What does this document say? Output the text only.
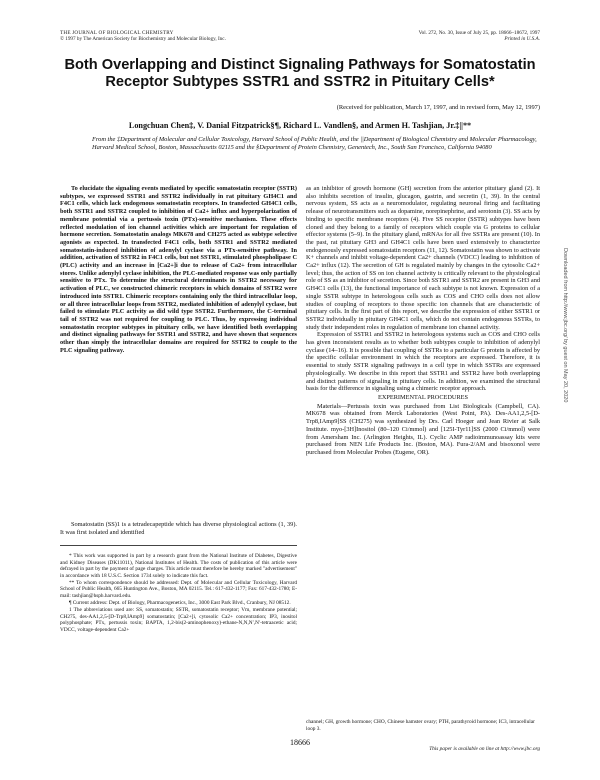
THE JOURNAL OF BIOLOGICAL CHEMISTRY
© 1997 by The American Society for Biochemistry and Molecular Biology, Inc.
Vol. 272, No. 30, Issue of July 25, pp. 18666–18672, 1997
Printed in U.S.A.
Both Overlapping and Distinct Signaling Pathways for Somatostatin Receptor Subtypes SSTR1 and SSTR2 in Pituitary Cells*
(Received for publication, March 17, 1997, and in revised form, May 12, 1997)
Longchuan Chen‡, V. Danial Fitzpatrick§¶, Richard L. Vandlen§, and Armen H. Tashjian, Jr.‡||**
From the ‡Department of Molecular and Cellular Toxicology, Harvard School of Public Health, and the ||Department of Biological Chemistry and Molecular Pharmacology, Harvard Medical School, Boston, Massachusetts 02115 and the §Department of Protein Chemistry, Genentech, Inc., South San Francisco, California 94080

To elucidate the signaling events mediated by specific somatostatin receptor (SSTR) subtypes, we expressed SSTR1 and SSTR2 individually in rat pituitary GH4C1 and F4C1 cells, which lack endogenous somatostatin receptors. In transfected GH4C1 cells, both SSTR1 and SSTR2 coupled to inhibition of Ca2+ influx and hyperpolarization of membrane potential via a pertussis toxin (PTx)-sensitive mechanism. These effects reflected modulation of ion channel activities which are important for regulation of hormone secretion. Somatostatin analogs MK678 and CH275 acted as subtype selective agonists as expected. In transfected F4C1 cells, both SSTR1 and SSTR2 mediated somatostatin-induced inhibition of adenylyl cyclase via a PTx-sensitive pathway. In addition, activation of SSTR2 in F4C1 cells, but not SSTR1, stimulated phospholipase C (PLC) activity and an increase in [Ca2+]i due to release of Ca2+ from intracellular stores. Unlike adenylyl cyclase inhibition, the PLC-mediated response was only partially sensitive to PTx. To determine the structural determinants in SSTR2 necessary for activation of PLC, we constructed chimeric receptors in which domains of SSTR2 were introduced into SSTR1. Chimeric receptors containing only the third intracellular loop, or all three intracellular loops from SSTR2, mediated inhibition of adenylyl cyclase, but failed to stimulate PLC activity as did wild type SSTR2. Furthermore, the C-terminal tail of SSTR2 was not required for coupling to PLC. Thus, by expressing individual somatostatin receptor subtypes in pituitary cells, we have identified both overlapping and distinct signaling pathways for SSTR1 and SSTR2, and have shown that sequences other than simply the intracellular domains are required for SSTR2 to couple to the PLC signaling pathway.

Somatostatin (SS)1 is a tetradecapeptide which has diverse physiological actions (1, 39). It was first isolated and identified

* This work was supported in part by a research grant from the National Institute of Diabetes, Digestive and Kidney Diseases (DK11011), National Institutes of Health. The costs of publication of this article were defrayed in part by the payment of page charges. This article must therefore be hereby marked "advertisement" in accordance with 18 U.S.C. Section 1734 solely to indicate this fact.

** To whom correspondence should be addressed: Dept. of Molecular and Cellular Toxicology, Harvard School of Public Health, 665 Huntington Ave., Boston, MA 02115. Tel.: 617-432-1177; Fax: 617-432-1780; E-mail: tashjian@hsph.harvard.edu.

¶ Current address: Dept. of Biology, Pharmacogenetics, Inc., 3000 East Park Blvd., Cranbury, NJ 08512.

1 The abbreviations used are: SS, somatostatin; SSTR, somatostatin receptor; Vm, membrane potential; CH275, des-AA1,2,5-[D-Trp8,IAmp9] somatostatin; [Ca2+]i, cytosolic Ca2+ concentration; IP3, inositol polyphosphate; PTx, pertussis toxin; BAPTA, 1,2-bis(2-aminophenoxy)-ethane-N,N,N′,N′-tetraacetic acid; VDCC, voltage-dependent Ca2+

as an inhibitor of growth hormone (GH) secretion from the anterior pituitary gland (2). It also inhibits secretion of insulin, glucagon, gastrin, and secretin (1, 39). In the central nervous system, SS acts as a neuromodulator, regulating neuronal firing and facilitating release of neurotransmitters such as dopamine, norepinephrine, and serotonin (3). SS acts by binding to specific membrane receptors (4). Five SS receptor (SSTR) subtypes have been cloned and they belong to a family of receptors which couple via G proteins to cellular effector systems (5–9). In the pituitary gland, mRNAs for all five SSTRs are present (10). In the past, rat pituitary GH3 and GH4C1 cells have been used extensively to characterize endogenously expressed somatostatin receptors (11, 12). Somatostatin was shown to activate K+ channels and inhibit voltage-dependent Ca2+ channels (VDCC) leading to inhibition of Ca2+ influx (12). The secretion of GH is regulated mainly by changes in the cytosolic Ca2+ level; thus, the action of SS on ion channel activity is critically relevant to the physiological role of SS as an inhibitor of secretion. Since both SSTR1 and SSTR2 are present in GH3 and GH4C1 cells (13), the functional importance of each subtype is not known. Expression of a single SSTR subtype in heterologous cells such as COS and CHO cells does not allow studies of coupling of receptors to those specific ion channels that are characteristic of pituitary cells. In the first part of this report, we describe the expression of either SSTR1 or SSTR2 individually in pituitary GH4C1 cells, which do not contain endogenous SSTRs, to study their independent roles in regulation of membrane ion channel activity.

Expression of SSTR1 and SSTR2 in heterologous systems such as COS and CHO cells has given inconsistent results as to whether both subtypes couple to inhibition of adenylyl cyclase (14–16). It is possible that coupling of SSTRs to a particular G protein is affected by the specific cellular environment in which the receptors are expressed. Therefore, it is essential to study SSTR signaling pathways in a cell type in which SSTRs are expressed physiologically. We describe in this report that SSTR1 and SSTR2 have both overlapping and distinct patterns of signaling in pituitary cells. In addition, we examined the structural basis for the difference in signaling using a chimeric receptor approach.

EXPERIMENTAL PROCEDURES

Materials—Pertussis toxin was purchased from List Biologicals (Campbell, CA). MK678 was obtained from Merck Laboratories (West Point, PA). Des-AA1,2,5-[D-Trp8,IAmp9]SS (CH275) was synthesized by Drs. Carl Hoeger and Jean Rivier at Salk Institute. myo-[3H]Inositol (80–120 Ci/mmol) and [125I-Tyr11]SS (2000 Ci/mmol) were from Amersham Inc. (Arlington Heights, IL). Cyclic AMP radioimmunoassay kits were purchased from NEN Life Products Inc. (Boston, MA). Fura-2/AM and bisoxonol were purchased from Molecular Probes (Eugene, OR).

channel; GH, growth hormone; CHO, Chinese hamster ovary; PTH, parathyroid hormone; IC3, intracellular loop 3.
Downloaded from http://www.jbc.org/ by guest on May 20, 2020
18666
This paper is available on line at http://www.jbc.org
